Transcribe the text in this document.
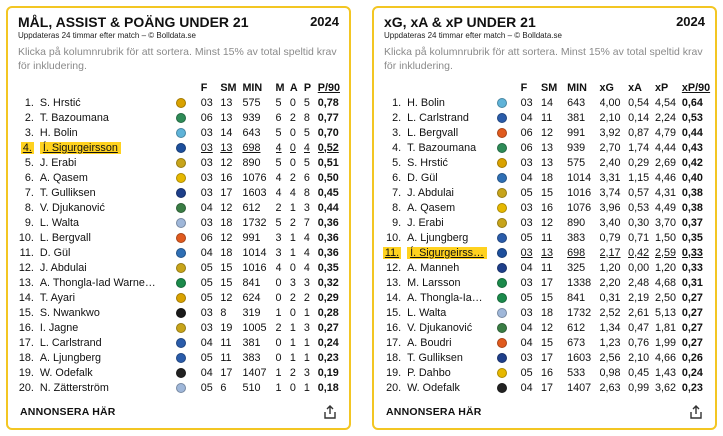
MÅL, ASSIST & POÄNG UNDER 21	2024
Uppdateras 24 timmar efter match – © Bolldata.se
Klicka på kolumnrubrik för att sortera. Minst 15% av total speltid krav för inkludering.
			F	SM	MIN	M	A	P	P/90
1.	S. Hrstić		03	13	575	5	0	5	0,78
2.	T. Bazoumana		06	13	939	6	2	8	0,77
3.	H. Bolin		03	14	643	5	0	5	0,70
4.	Í. Sigurgeirsson		03	13	698	4	0	4	0,52
5.	J. Erabi		03	12	890	5	0	5	0,51
6.	A. Qasem		03	16	1076	4	2	6	0,50
7.	T. Gulliksen		03	17	1603	4	4	8	0,45
8.	V. Djukanović		04	12	612	2	1	3	0,44
9.	L. Walta		03	18	1732	5	2	7	0,36
10.	L. Bergvall		06	12	991	3	1	4	0,36
11.	D. Gül		04	18	1014	3	1	4	0,36
12.	J. Abdulai		05	15	1016	4	0	4	0,35
13.	A. Thongla-Iad Warne…		05	15	841	0	3	3	0,32
14.	T. Ayari		05	12	624	0	2	2	0,29
15.	S. Nwankwo		03	8	319	1	0	1	0,28
16.	I. Jagne		03	19	1005	2	1	3	0,27
17.	L. Carlstrand		04	11	381	0	1	1	0,24
18.	A. Ljungberg		05	11	383	0	1	1	0,23
19.	W. Odefalk		04	17	1407	1	2	3	0,19
20.	N. Zätterström		05	6	510	1	0	1	0,18
ANNONSERA HÄR
xG, xA & xP UNDER 21	2024
Uppdateras 24 timmar efter match – © Bolldata.se
Klicka på kolumnrubrik för att sortera. Minst 15% av total speltid krav för inkludering.
			F	SM	MIN	xG	xA	xP	xP/90
1.	H. Bolin		03	14	643	4,00	0,54	4,54	0,64
2.	L. Carlstrand		04	11	381	2,10	0,14	2,24	0,53
3.	L. Bergvall		06	12	991	3,92	0,87	4,79	0,44
4.	T. Bazoumana		06	13	939	2,70	1,74	4,44	0,43
5.	S. Hrstić		03	13	575	2,40	0,29	2,69	0,42
6.	D. Gül		04	18	1014	3,31	1,15	4,46	0,40
7.	J. Abdulai		05	15	1016	3,74	0,57	4,31	0,38
8.	A. Qasem		03	16	1076	3,96	0,53	4,49	0,38
9.	J. Erabi		03	12	890	3,40	0,30	3,70	0,37
10.	A. Ljungberg		05	11	383	0,79	0,71	1,50	0,35
11.	Í. Sigurgeirss…		03	13	698	2,17	0,42	2,59	0,33
12.	A. Manneh		04	11	325	1,20	0,00	1,20	0,33
13.	M. Larsson		03	17	1338	2,20	2,48	4,68	0,31
14.	A. Thongla-Ia…		05	15	841	0,31	2,19	2,50	0,27
15.	L. Walta		03	18	1732	2,52	2,61	5,13	0,27
16.	V. Djukanović		04	12	612	1,34	0,47	1,81	0,27
17.	A. Boudri		04	15	673	1,23	0,76	1,99	0,27
18.	T. Gulliksen		03	17	1603	2,56	2,10	4,66	0,26
19.	P. Dahbo		05	16	533	0,98	0,45	1,43	0,24
20.	W. Odefalk		04	17	1407	2,63	0,99	3,62	0,23
ANNONSERA HÄR
